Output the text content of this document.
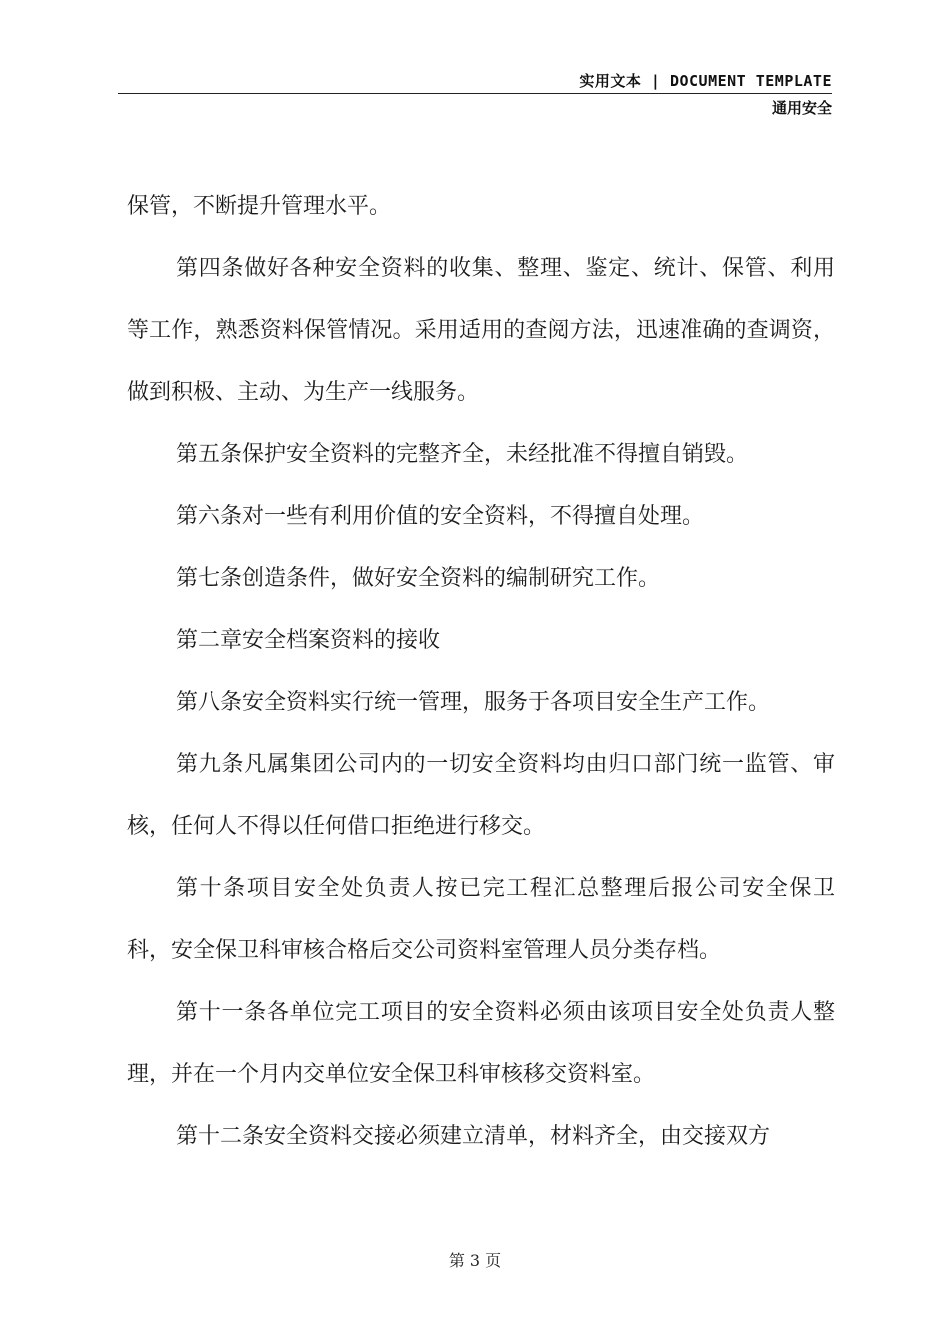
实用文本 | DOCUMENT TEMPLATE
通用安全

保管，不断提升管理水平。

第四条做好各种安全资料的收集、整理、鉴定、统计、保管、利用等工作，熟悉资料保管情况。采用适用的查阅方法，迅速准确的查调资，做到积极、主动、为生产一线服务。

第五条保护安全资料的完整齐全，未经批准不得擅自销毁。

第六条对一些有利用价值的安全资料，不得擅自处理。

第七条创造条件，做好安全资料的编制研究工作。

第二章安全档案资料的接收

第八条安全资料实行统一管理，服务于各项目安全生产工作。

第九条凡属集团公司内的一切安全资料均由归口部门统一监管、审核，任何人不得以任何借口拒绝进行移交。

第十条项目安全处负责人按已完工程汇总整理后报公司安全保卫科，安全保卫科审核合格后交公司资料室管理人员分类存档。

第十一条各单位完工项目的安全资料必须由该项目安全处负责人整理，并在一个月内交单位安全保卫科审核移交资料室。

第十二条安全资料交接必须建立清单，材料齐全，由交接双方

第 3 页
